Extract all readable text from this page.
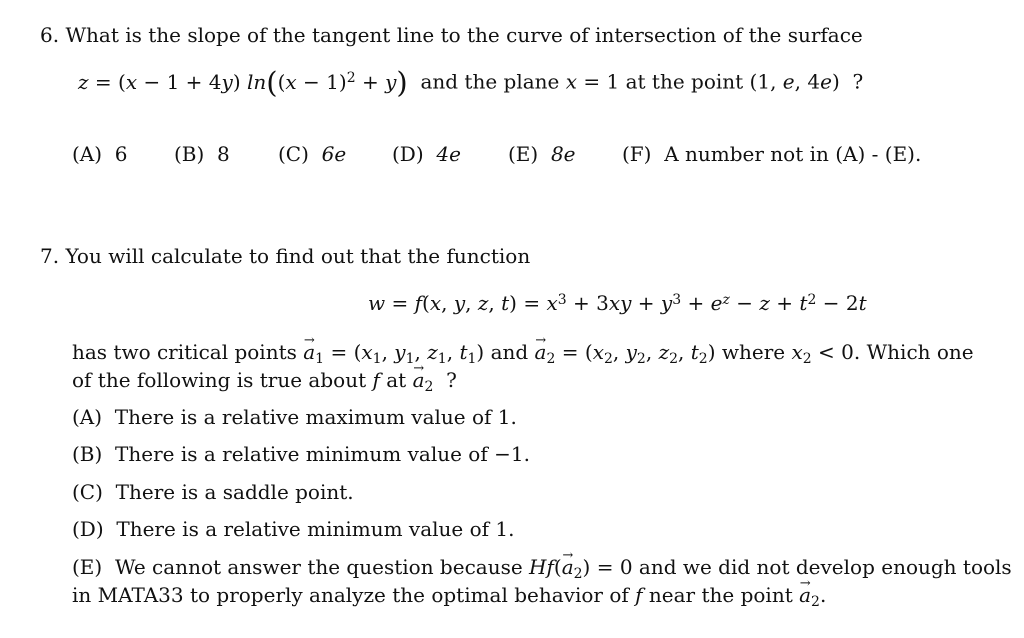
6. What is the slope of the tangent line to the curve of intersection of the surface
z = (x − 1 + 4y) $\ln((x - 1)^2 + y)$ and the plane x = 1 at the point (1, e, 4e) ?
(A) 6 (B) 8 (C) 6e (D) 4e (E) 8e (F) A number not in (A) - (E).
7. You will calculate to find out that the function
w = f(x, y, z, $t) = x^3 + 3xy + y^3 + e^z - z + t^2 - 2t$
has two critical points → $a_1 = (x_1$, $y_1$, $z_1$, $t_1$) and → $a_2 = (x_2$, $y_2$, $z_2$, $t_2$) where $x_2 < 0$. Which one
of the following is true about f at → $a_2$ ?
(A) There is a relative maximum value of 1.
(B) There is a relative minimum value of −1.
(C) There is a saddle point.
(D) There is a relative minimum value of 1.
(E) We cannot answer the question because $Hf(\to a_2) = 0$ and we did not develop enough tools
in MATA33 to properly analyze the optimal behavior of f near the point → $a_2$.
